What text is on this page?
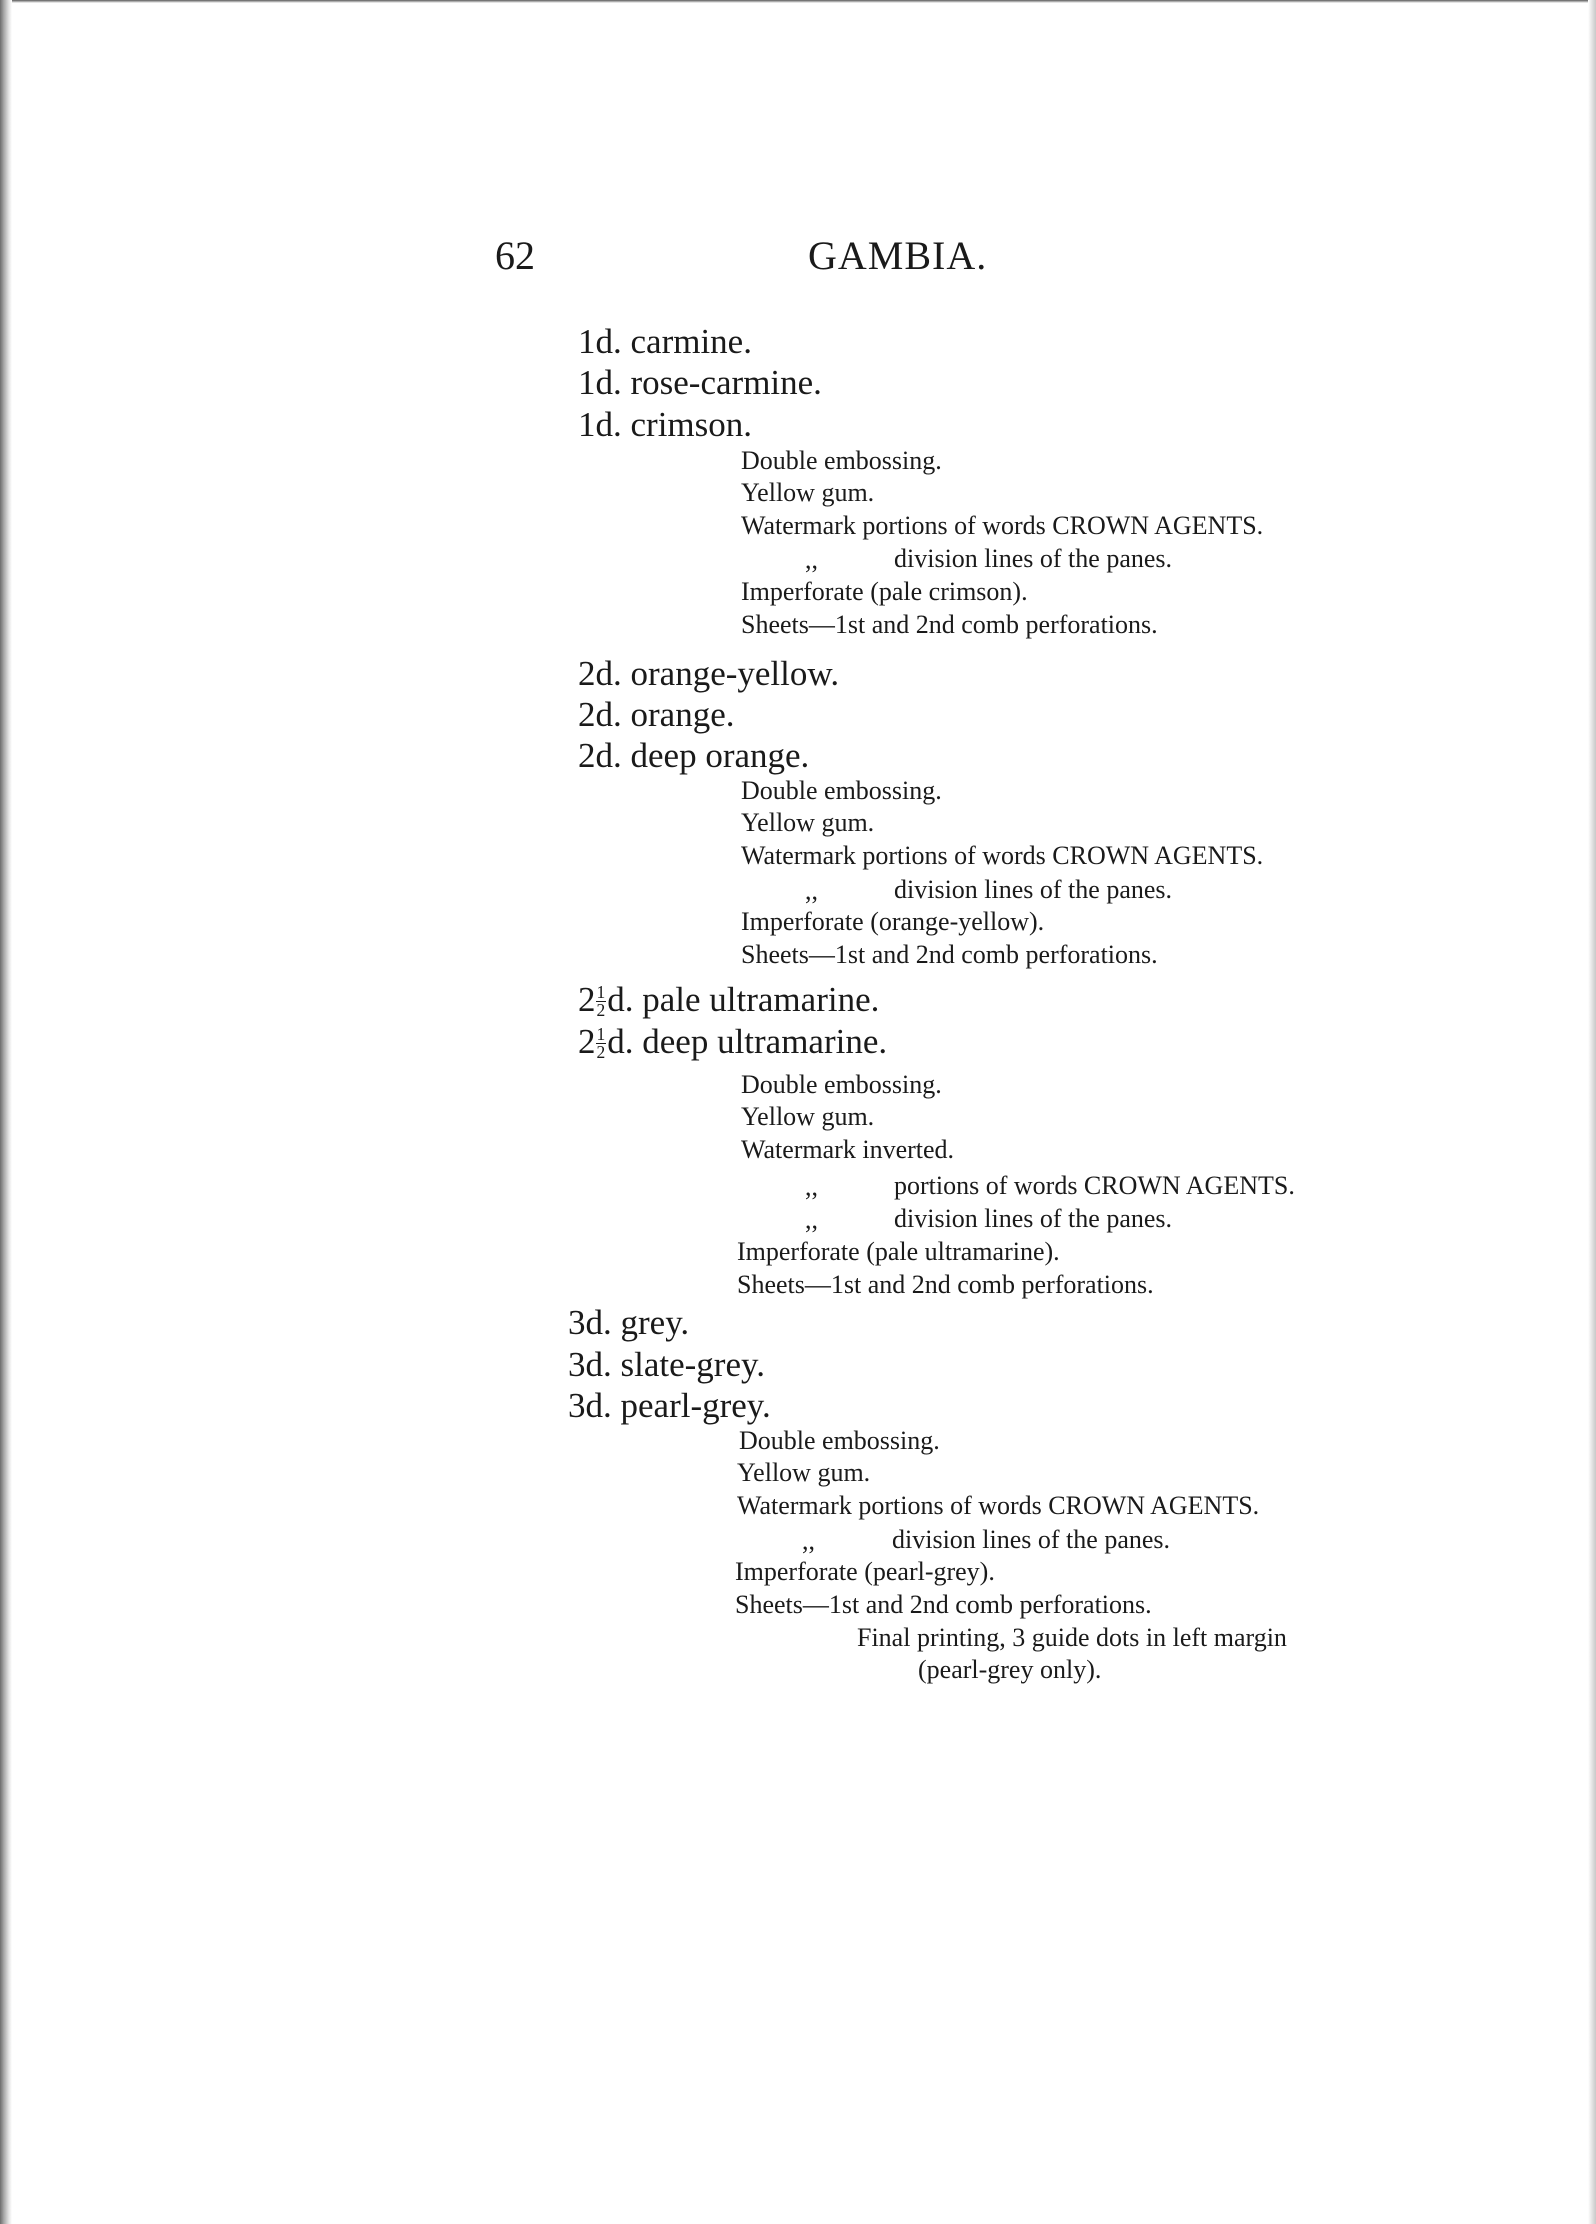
62	GAMBIA.
1d. carmine.
1d. rose-carmine.
1d. crimson.
Double embossing.
Yellow gum.
Watermark portions of words CROWN AGENTS.
,,	division lines of the panes.
Imperforate (pale crimson).
Sheets—1st and 2nd comb perforations.
2d. orange-yellow.
2d. orange.
2d. deep orange.
Double embossing.
Yellow gum.
Watermark portions of words CROWN AGENTS.
,,	division lines of the panes.
Imperforate (orange-yellow).
Sheets—1st and 2nd comb perforations.
$2 \frac{1}{2} d$. pale ultramarine.
$2 \frac{1}{2} d$. deep ultramarine.
Double embossing.
Yellow gum.
Watermark inverted.
,,	portions of words CROWN AGENTS.
,,	division lines of the panes.
Imperforate (pale ultramarine).
Sheets—1st and 2nd comb perforations.
3d. grey.
3d. slate-grey.
3d. pearl-grey.
Double embossing.
Yellow gum.
Watermark portions of words CROWN AGENTS.
,,	division lines of the panes.
Imperforate (pearl-grey).
Sheets—1st and 2nd comb perforations.
Final printing, 3 guide dots in left margin
(pearl-grey only).
